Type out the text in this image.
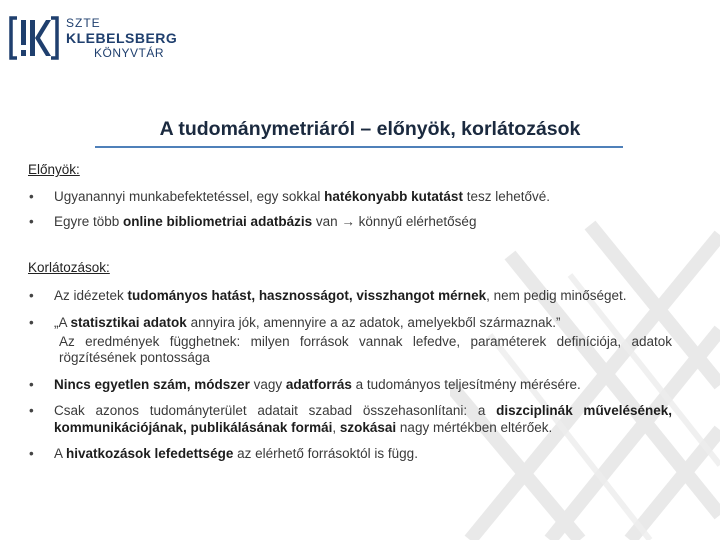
SZTE
KLEBELSBERG
KÖNYVTÁR
A tudománymetriáról – előnyök, korlátozások

Előnyök:

• Ugyanannyi munkabefektetéssel, egy sokkal hatékonyabb kutatást tesz lehetővé.
• Egyre több online bibliometriai adatbázis van → könnyű elérhetőség

Korlátozások:

• Az idézetek tudományos hatást, hasznosságot, visszhangot mérnek, nem pedig minőséget.
• „A statisztikai adatok annyira jók, amennyire a az adatok, amelyekből származnak.”
Az eredmények függhetnek: milyen források vannak lefedve, paraméterek definíciója, adatok rögzítésének pontossága
• Nincs egyetlen szám, módszer vagy adatforrás a tudományos teljesítmény mérésére.
• Csak azonos tudományterület adatait szabad összehasonlítani: a diszciplinák művelésének, kommunikációjának, publikálásának formái, szokásai nagy mértékben eltérőek.
• A hivatkozások lefedettsége az elérhető forrásoktól is függ.
